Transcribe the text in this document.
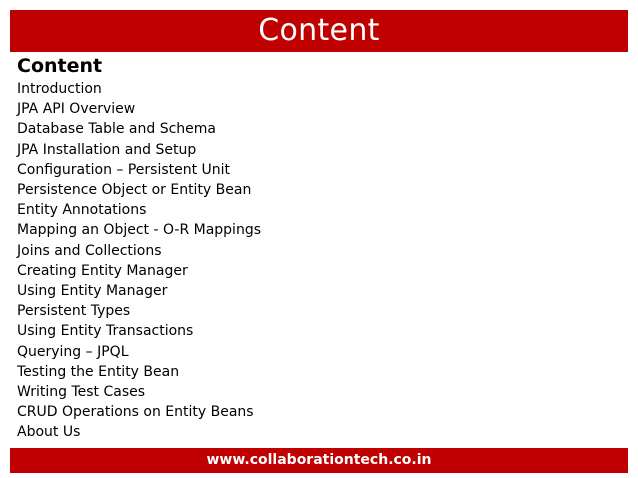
Content
Content
Introduction
JPA API Overview
Database Table and Schema
JPA Installation and Setup
Configuration – Persistent Unit
Persistence Object or Entity Bean
Entity Annotations
Mapping an Object - O-R Mappings
Joins and Collections
Creating Entity Manager
Using Entity Manager
Persistent Types
Using Entity Transactions
Querying – JPQL
Testing the Entity Bean
Writing Test Cases
CRUD Operations on Entity Beans
About Us
www.collaborationtech.co.in
